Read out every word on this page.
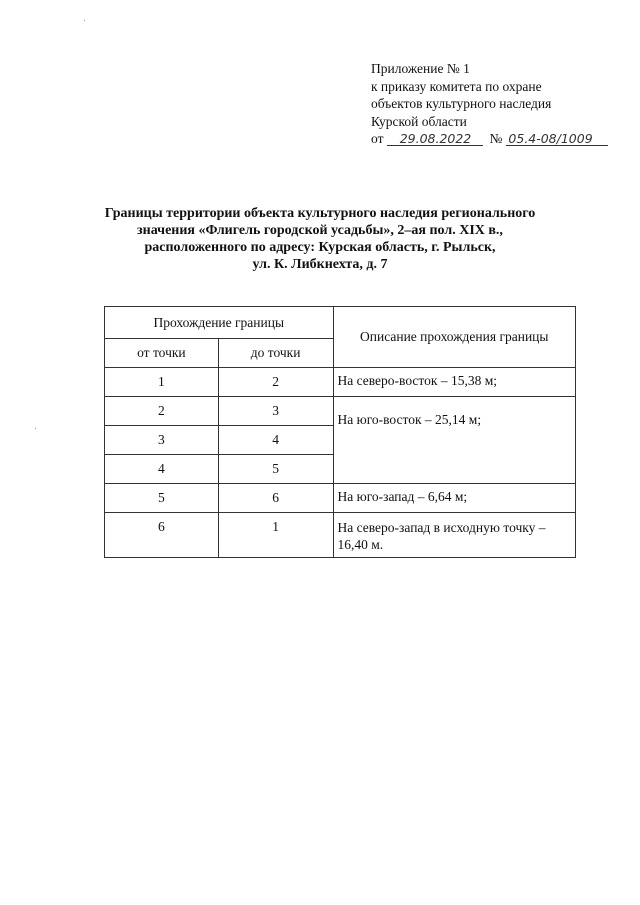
Приложение № 1
к приказу комитета по охране
объектов культурного наследия
Курской области
от	29.08.2022	№ 05.4-08/1009
Границы территории объекта культурного наследия регионального
значения «Флигель городской усадьбы», 2–ая пол. XIX в.,
расположенного по адресу: Курская область, г. Рыльск,
ул. К. Либкнехта, д. 7
Прохождение границы		Описание прохождения границы
от точки	до точки	
1	2	На северо-восток – 15,38 м;
2	3	На юго-восток – 25,14 м;
3	4	
4	5	
5	6	На юго-запад – 6,64 м;
6	1	На северо-запад в исходную точку – 16,40 м.
